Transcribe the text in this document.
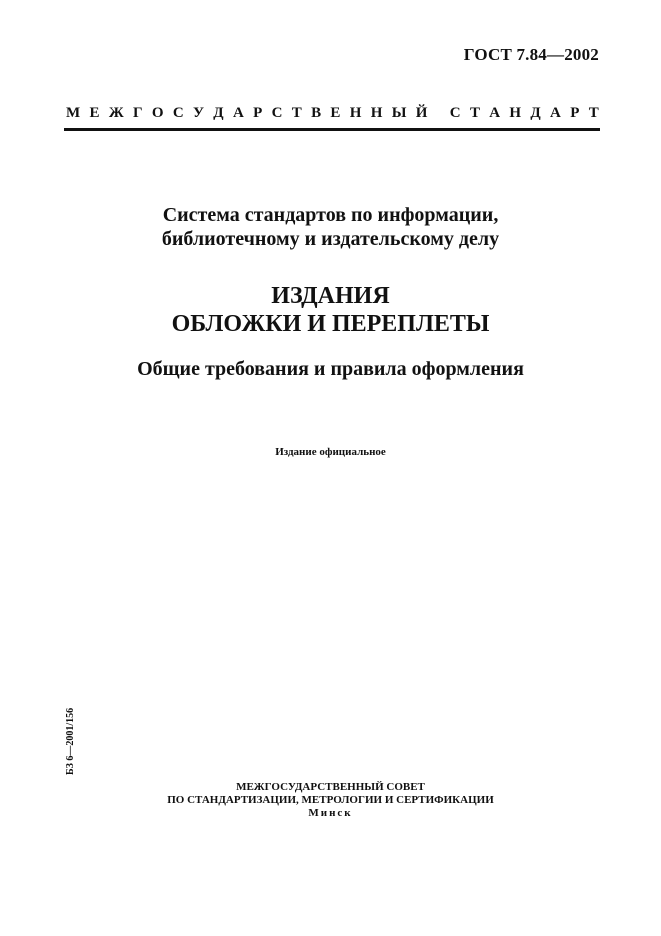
ГОСТ 7.84—2002
М Е Ж Г О С У Д А Р С Т В Е Н Н Ы Й
С Т А Н Д А Р Т
Система стандартов по информации,
библиотечному и издательскому делу
ИЗДАНИЯ
ОБЛОЖКИ И ПЕРЕПЛЕТЫ
Общие требования и правила оформления
Издание официальное
БЗ 6—2001/156
МЕЖГОСУДАРСТВЕННЫЙ СОВЕТ
ПО СТАНДАРТИЗАЦИИ, МЕТРОЛОГИИ И СЕРТИФИКАЦИИ
Минск
